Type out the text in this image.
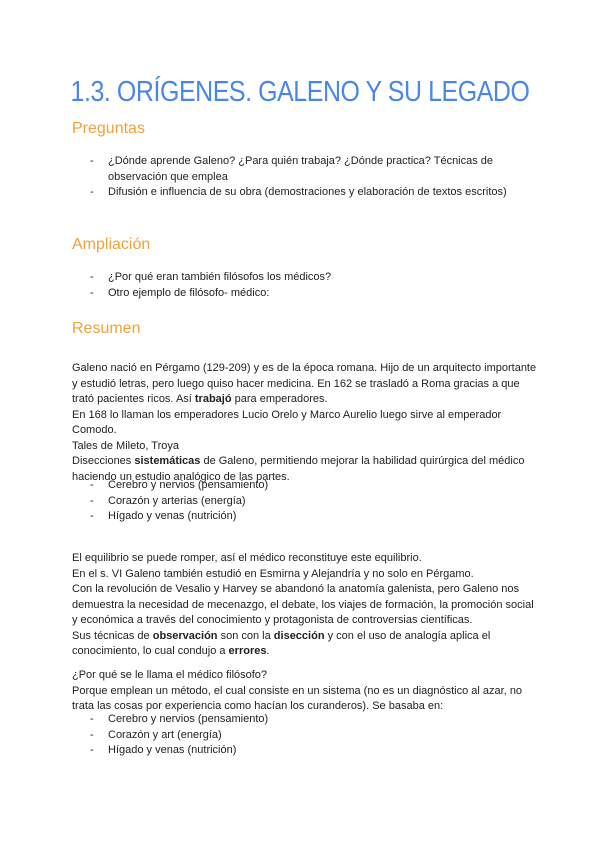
1.3. ORÍGENES. GALENO Y SU LEGADO
Preguntas
- ¿Dónde aprende Galeno? ¿Para quién trabaja? ¿Dónde practica? Técnicas de observación que emplea
- Difusión e influencia de su obra (demostraciones y elaboración de textos escritos)
Ampliación
- ¿Por qué eran también filósofos los médicos?
- Otro ejemplo de filósofo- médico:
Resumen
Galeno nació en Pérgamo (129-209) y es de la época romana. Hijo de un arquitecto importante y estudió letras, pero luego quiso hacer medicina. En 162 se trasladó a Roma gracias a que trató pacientes ricos. Así trabajó para emperadores.
En 168 lo llaman los emperadores Lucio Orelo y Marco Aurelio luego sirve al emperador Comodo.
Tales de Mileto, Troya
Disecciones sistemáticas de Galeno, permitiendo mejorar la habilidad quirúrgica del médico haciendo un estudio analógico de las partes.
- Cerebro y nervios (pensamiento)
- Corazón y arterias (energía)
- Hígado y venas (nutrición)
El equilibrio se puede romper, así el médico reconstituye este equilibrio.
En el s. VI Galeno también estudió en Esmirna y Alejandría y no solo en Pérgamo.
Con la revolución de Vesalio y Harvey se abandonó la anatomía galenista, pero Galeno nos demuestra la necesidad de mecenazgo, el debate, los viajes de formación, la promoción social y económica a través del conocimiento y protagonista de controversias científicas.
Sus técnicas de observación son con la disección y con el uso de analogía aplica el conocimiento, lo cual condujo a errores.
¿Por qué se le llama el médico filósofo?
Porque emplean un método, el cual consiste en un sistema (no es un diagnóstico al azar, no trata las cosas por experiencia como hacían los curanderos). Se basaba en:
- Cerebro y nervios (pensamiento)
- Corazón y art (energía)
- Hígado y venas (nutrición)
